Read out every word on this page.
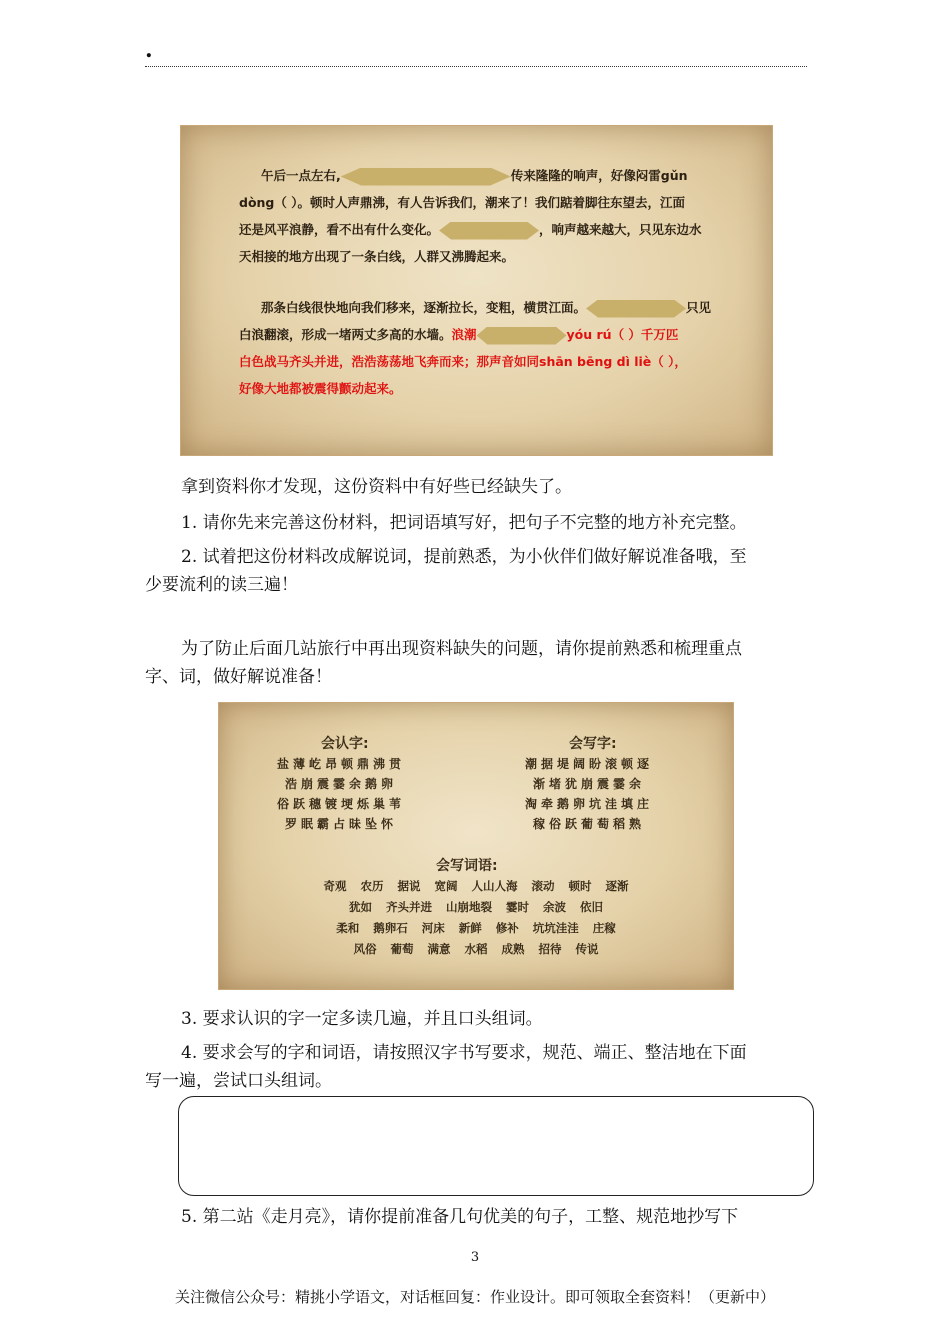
.
午后一点左右,	传来隆隆的响声，好像闷雷gǔn
dòng（ ）。顿时人声鼎沸，有人告诉我们，潮来了！我们踮着脚往东望去，江面
还是风平浪静，看不出有什么变化。	，响声越来越大，只见东边水
天相接的地方出现了一条白线，人群又沸腾起来。
那条白线很快地向我们移来，逐渐拉长，变粗，横贯江面。	只见
白浪翻滚，形成一堵两丈多高的水墙。浪潮	yóu rú（ ）千万匹
白色战马齐头并进，浩浩荡荡地飞奔而来；那声音如同shān bēng dì liè（ ），
好像大地都被震得颤动起来。
拿到资料你才发现，这份资料中有好些已经缺失了。
1. 请你先来完善这份材料，把词语填写好，把句子不完整的地方补充完整。
2. 试着把这份材料改成解说词，提前熟悉，为小伙伴们做好解说准备哦，至
少要流利的读三遍！
为了防止后面几站旅行中再出现资料缺失的问题，请你提前熟悉和梳理重点
字、词，做好解说准备！
会认字:
盐薄屹昂顿鼎沸贯
浩崩震霎余鹅卵
俗跃穗镀埂烁巢苇
罗眠霸占昧坠怀
会写字:
潮据堤阔盼滚顿逐
渐堵犹崩震霎余
淘牵鹅卵坑洼填庄
稼俗跃葡萄稻熟
会写词语:
奇观 农历 据说 宽阔 人山人海 滚动 顿时 逐渐
犹如 齐头并进 山崩地裂 霎时 余波 依旧
柔和 鹅卵石 河床 新鲜 修补 坑坑洼洼 庄稼
风俗 葡萄 满意 水稻 成熟 招待 传说
3. 要求认识的字一定多读几遍，并且口头组词。
4. 要求会写的字和词语，请按照汉字书写要求，规范、端正、整洁地在下面
写一遍，尝试口头组词。
5. 第二站《走月亮》，请你提前准备几句优美的句子，工整、规范地抄写下
3
关注微信公众号：精挑小学语文，对话框回复：作业设计。即可领取全套资料！（更新中）
